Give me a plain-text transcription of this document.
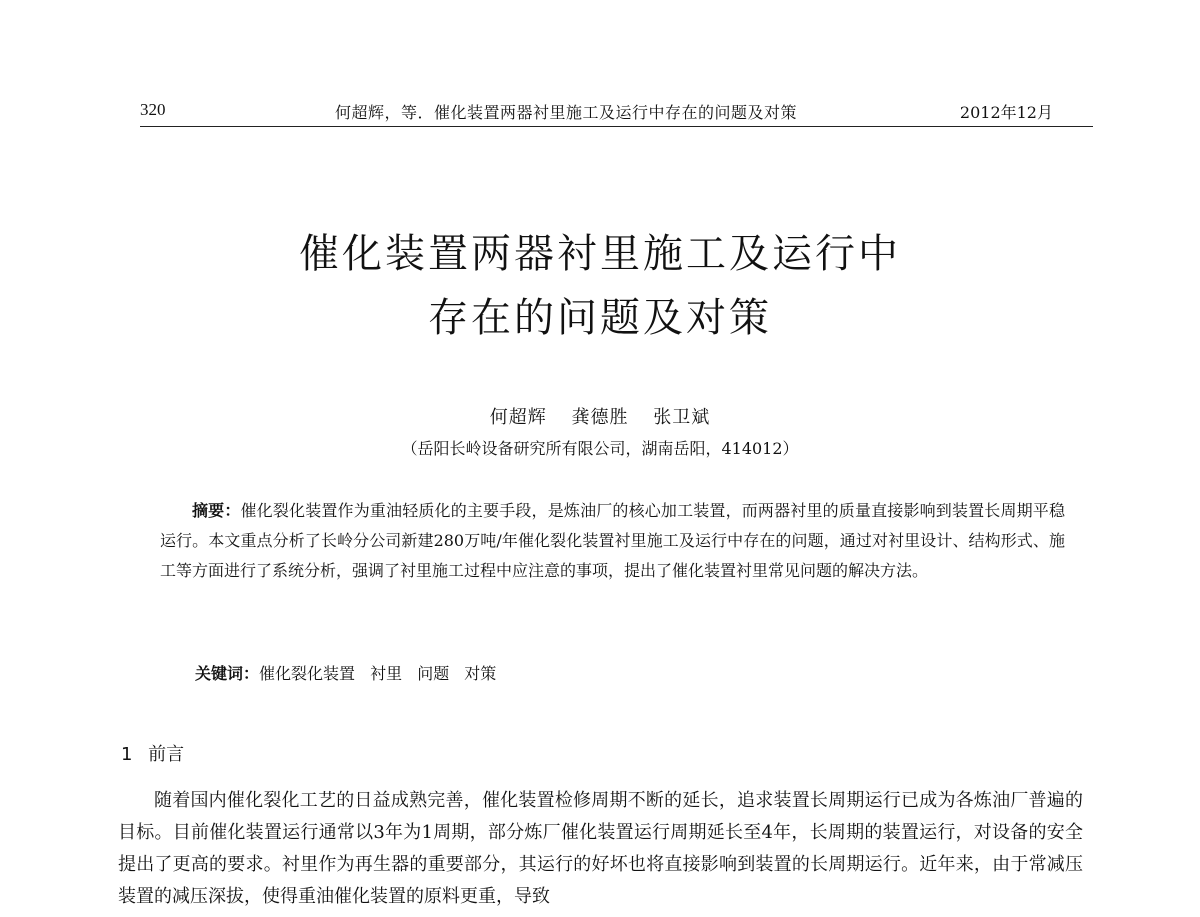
320	何超辉，等．催化装置两器衬里施工及运行中存在的问题及对策	2012年12月
催化装置两器衬里施工及运行中
存在的问题及对策
何超辉 龚德胜 张卫斌
（岳阳长岭设备研究所有限公司，湖南岳阳，414012）

摘要：催化裂化装置作为重油轻质化的主要手段，是炼油厂的核心加工装置，而两器衬里的质量直接影响到装置长周期平稳运行。本文重点分析了长岭分公司新建280万吨/年催化裂化装置衬里施工及运行中存在的问题，通过对衬里设计、结构形式、施工等方面进行了系统分析，强调了衬里施工过程中应注意的事项，提出了催化装置衬里常见问题的解决方法。

关键词：催化裂化装置 衬里 问题 对策
1 前言

随着国内催化裂化工艺的日益成熟完善，催化装置检修周期不断的延长，追求装置长周期运行已成为各炼油厂普遍的目标。目前催化装置运行通常以3年为1周期，部分炼厂催化装置运行周期延长至4年，长周期的装置运行，对设备的安全提出了更高的要求。衬里作为再生器的重要部分，其运行的好坏也将直接影响到装置的长周期运行。近年来，由于常减压装置的减压深拔，使得重油催化装置的原料更重，导致
